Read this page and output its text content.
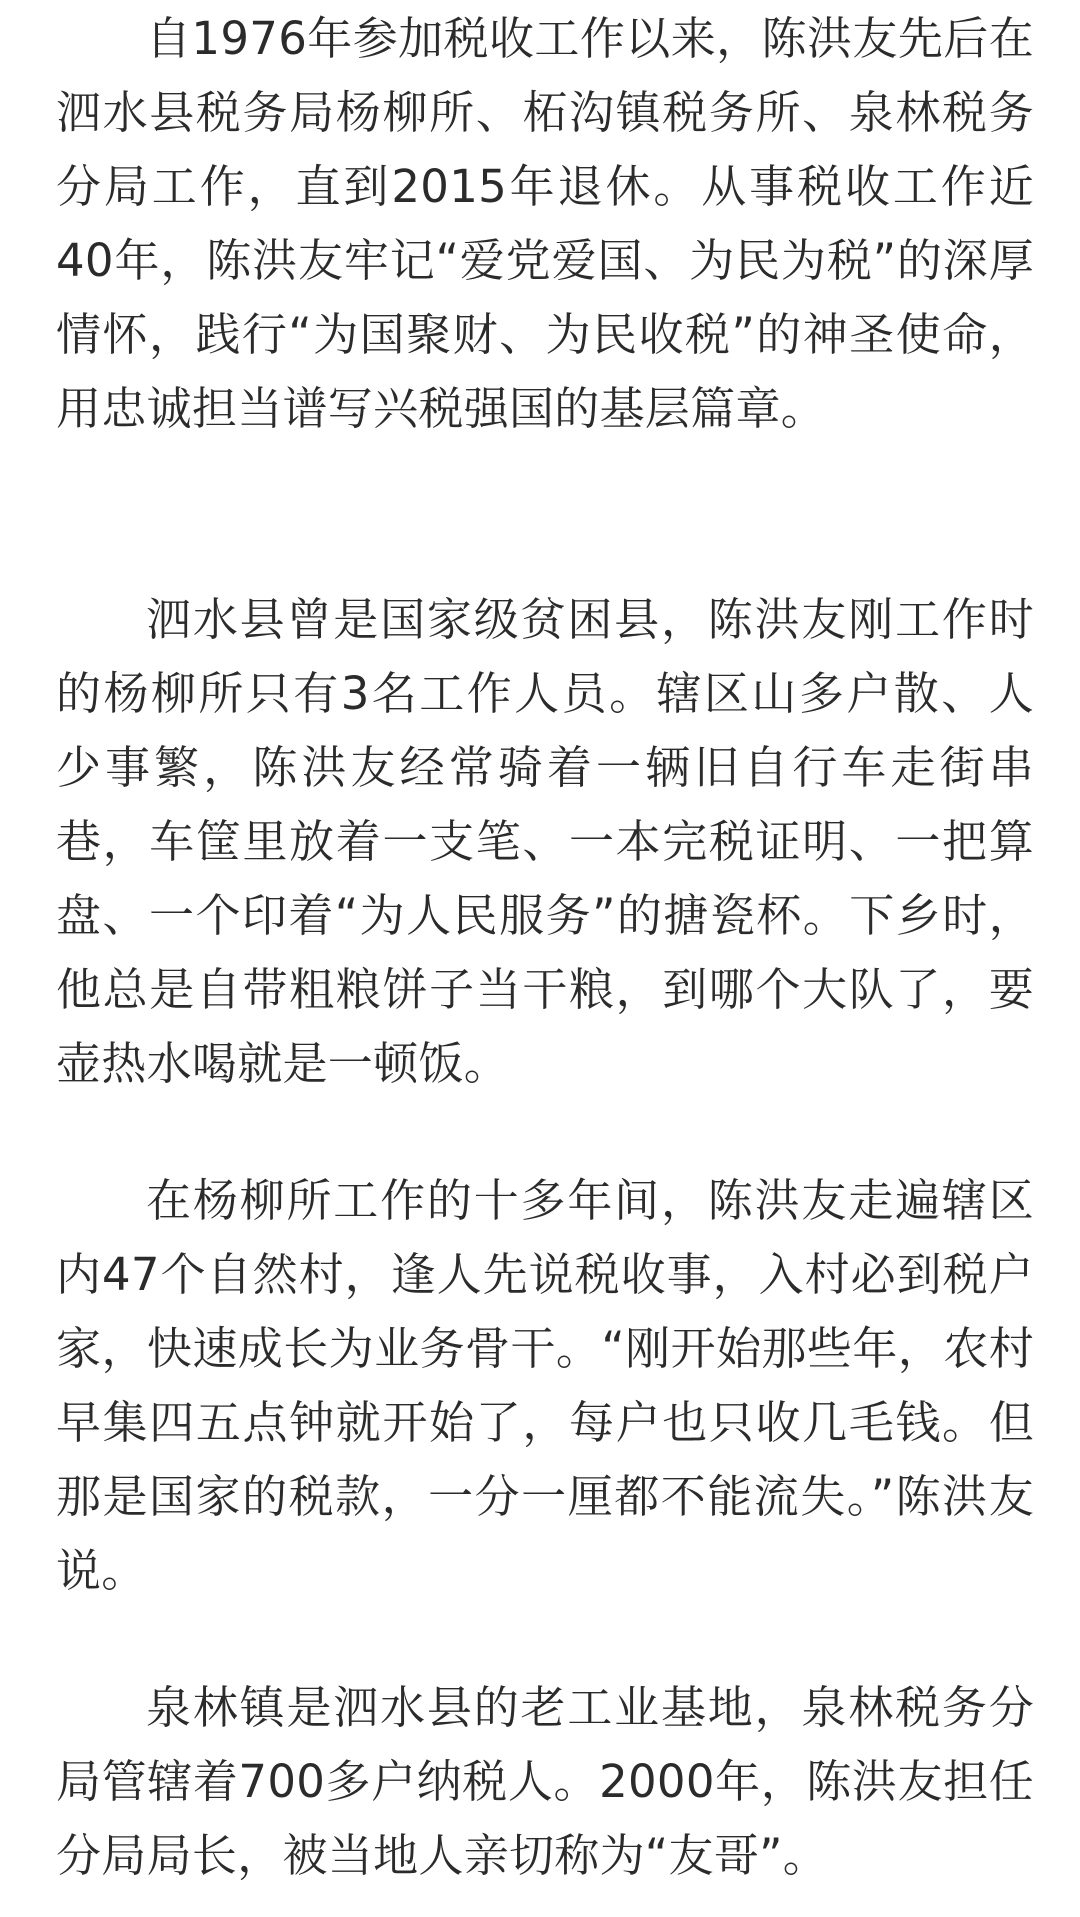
自1976年参加税收工作以来，陈洪友先后在泗水县税务局杨柳所、柘沟镇税务所、泉林税务分局工作，直到2015年退休。从事税收工作近40年，陈洪友牢记“爱党爱国、为民为税”的深厚情怀，践行“为国聚财、为民收税”的神圣使命，用忠诚担当谱写兴税强国的基层篇章。

泗水县曾是国家级贫困县，陈洪友刚工作时的杨柳所只有3名工作人员。辖区山多户散、人少事繁，陈洪友经常骑着一辆旧自行车走街串巷，车筐里放着一支笔、一本完税证明、一把算盘、一个印着“为人民服务”的搪瓷杯。下乡时，他总是自带粗粮饼子当干粮，到哪个大队了，要壶热水喝就是一顿饭。

在杨柳所工作的十多年间，陈洪友走遍辖区内47个自然村，逢人先说税收事，入村必到税户家，快速成长为业务骨干。“刚开始那些年，农村早集四五点钟就开始了，每户也只收几毛钱。但那是国家的税款，一分一厘都不能流失。”陈洪友说。

泉林镇是泗水县的老工业基地，泉林税务分局管辖着700多户纳税人。2000年，陈洪友担任分局局长，被当地人亲切称为“友哥”。
